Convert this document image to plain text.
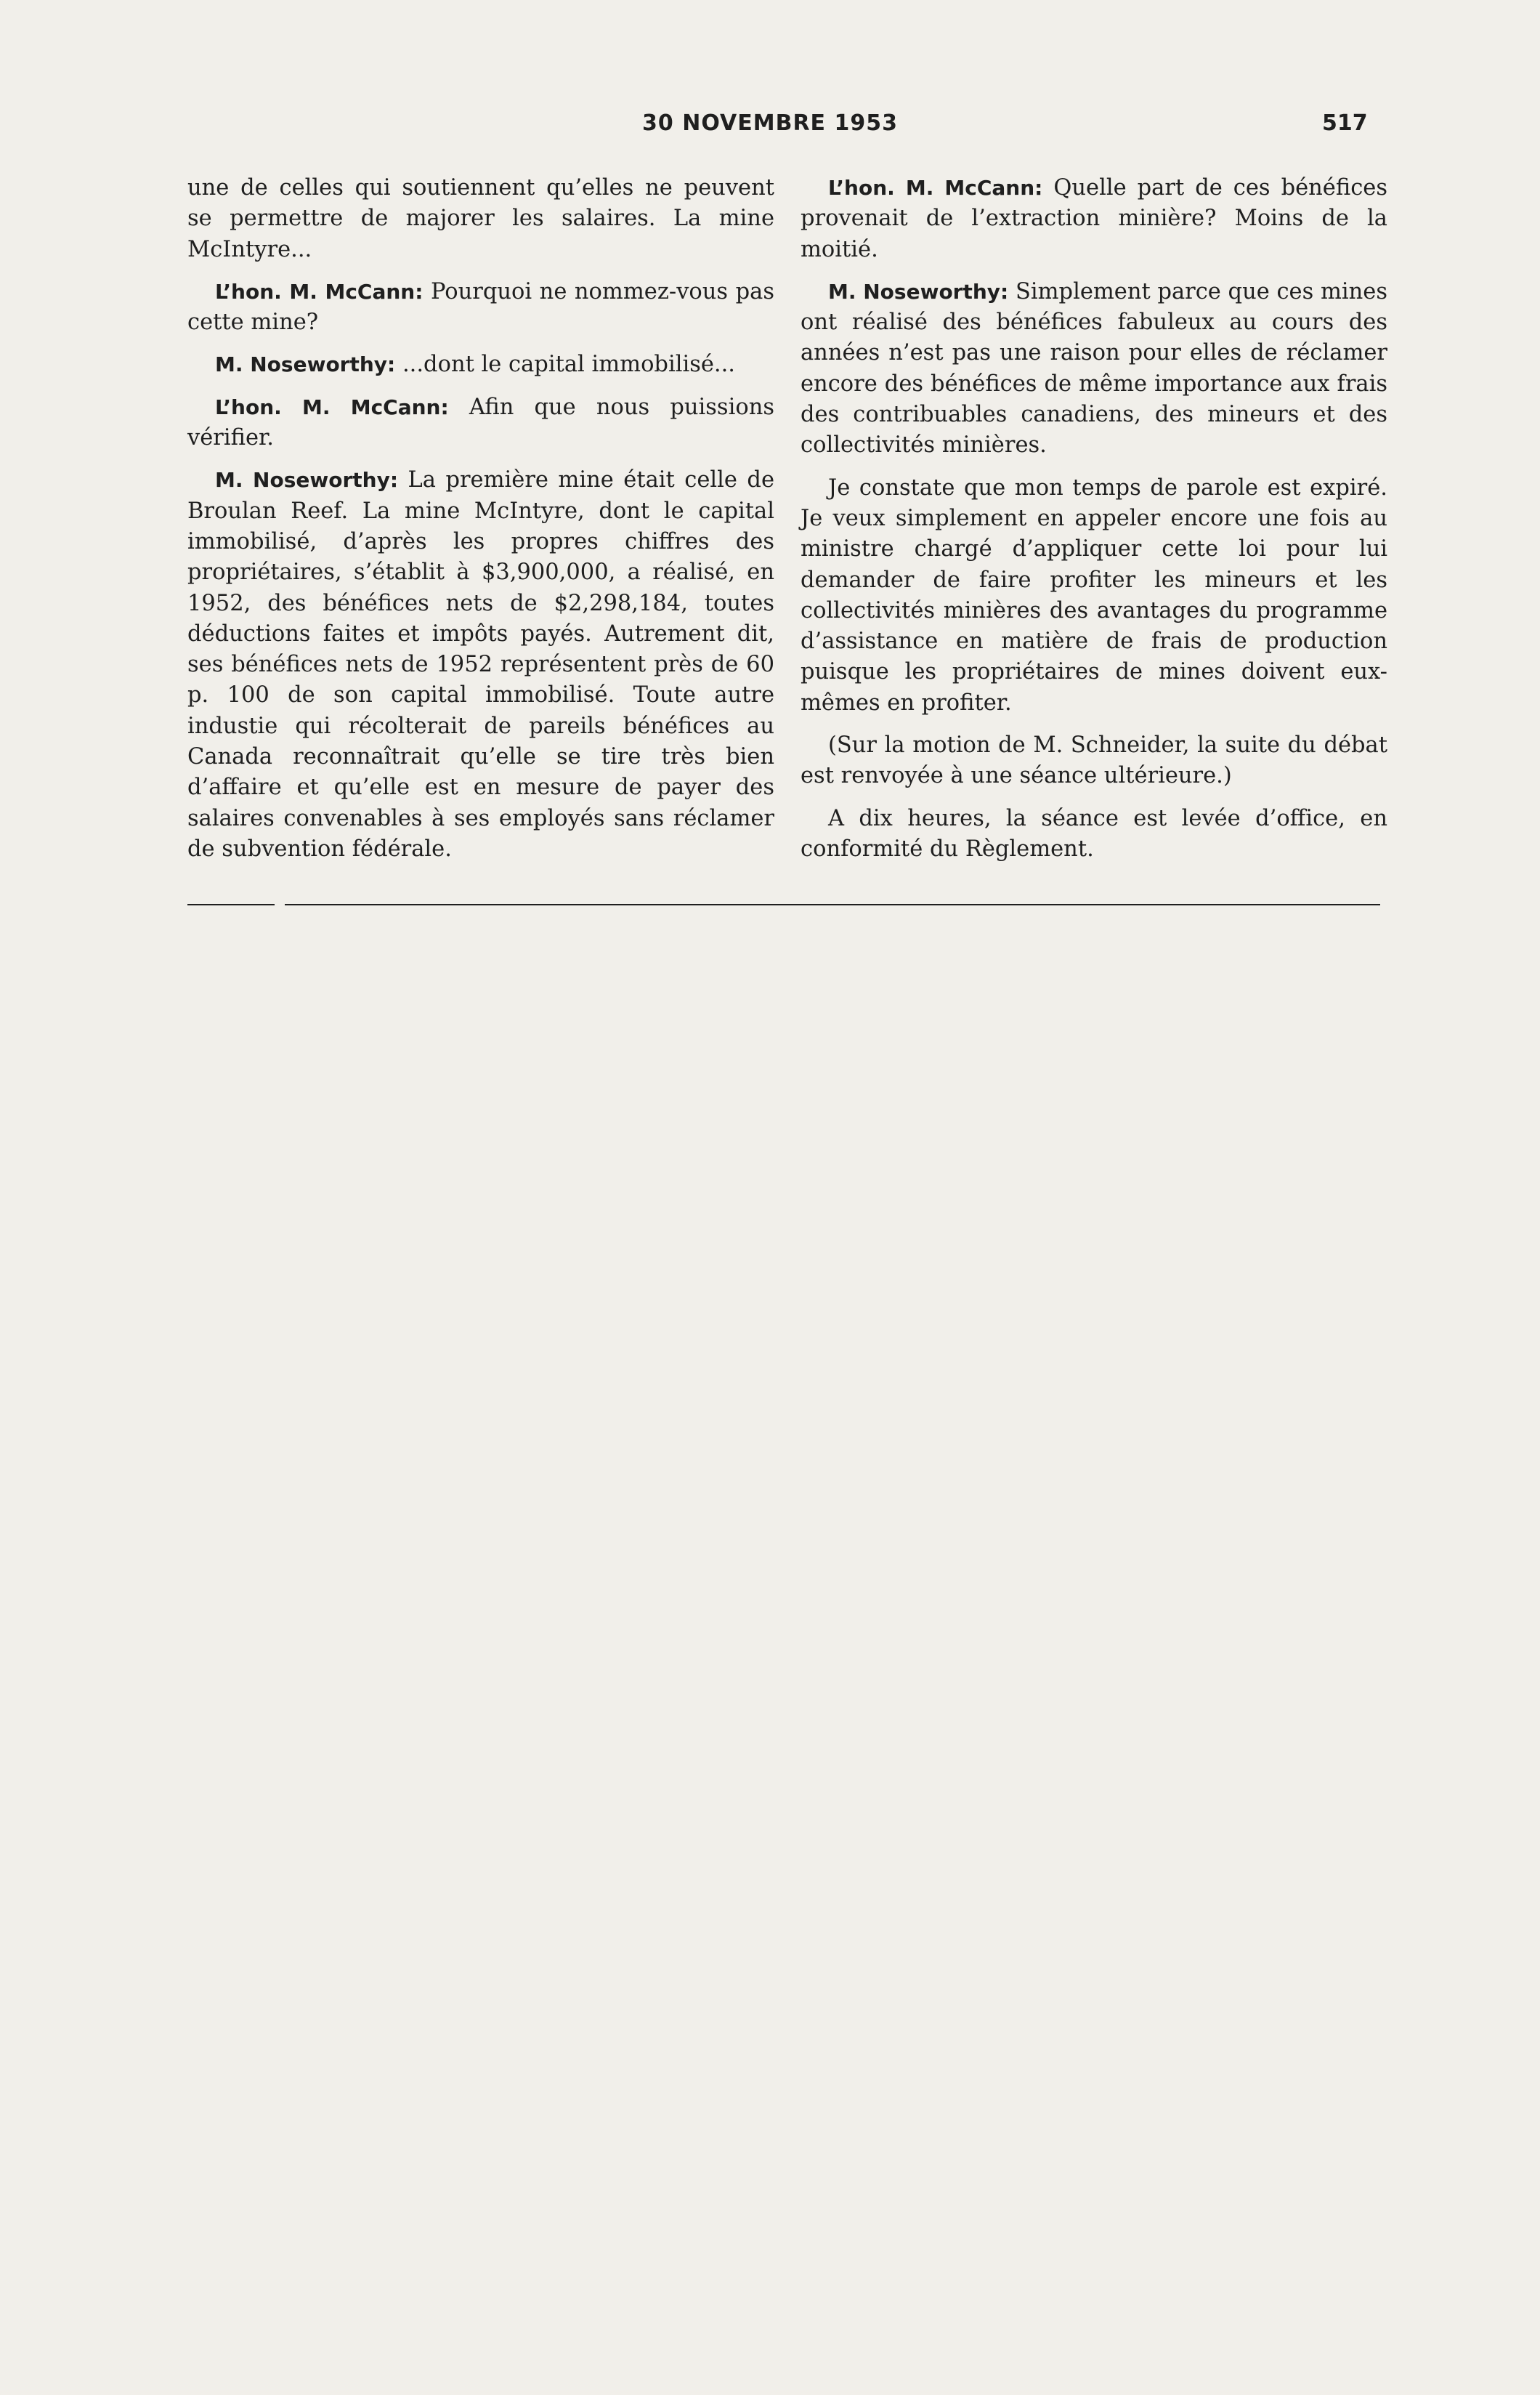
30 NOVEMBRE 1953	517

une de celles qui soutiennent qu’elles ne peuvent se permettre de majorer les salaires. La mine McIntyre...

L’hon. M. McCann: Pourquoi ne nommez-vous pas cette mine?

M. Noseworthy: ...dont le capital immobilisé...

L’hon. M. McCann: Afin que nous puissions vérifier.

M. Noseworthy: La première mine était celle de Broulan Reef. La mine McIntyre, dont le capital immobilisé, d’après les propres chiffres des propriétaires, s’établit à $3,900,000, a réalisé, en 1952, des bénéfices nets de $2,298,184, toutes déductions faites et impôts payés. Autrement dit, ses bénéfices nets de 1952 représentent près de 60 p. 100 de son capital immobilisé. Toute autre industie qui récolterait de pareils bénéfices au Canada reconnaîtrait qu’elle se tire très bien d’affaire et qu’elle est en mesure de payer des salaires convenables à ses employés sans réclamer de subvention fédérale.

L’hon. M. McCann: Quelle part de ces bénéfices provenait de l’extraction minière? Moins de la moitié.

M. Noseworthy: Simplement parce que ces mines ont réalisé des bénéfices fabuleux au cours des années n’est pas une raison pour elles de réclamer encore des bénéfices de même importance aux frais des contribuables canadiens, des mineurs et des collectivités minières.

Je constate que mon temps de parole est expiré. Je veux simplement en appeler encore une fois au ministre chargé d’appliquer cette loi pour lui demander de faire profiter les mineurs et les collectivités minières des avantages du programme d’assistance en matière de frais de production puisque les propriétaires de mines doivent eux-mêmes en profiter.

(Sur la motion de M. Schneider, la suite du débat est renvoyée à une séance ultérieure.)

A dix heures, la séance est levée d’office, en conformité du Règlement.
